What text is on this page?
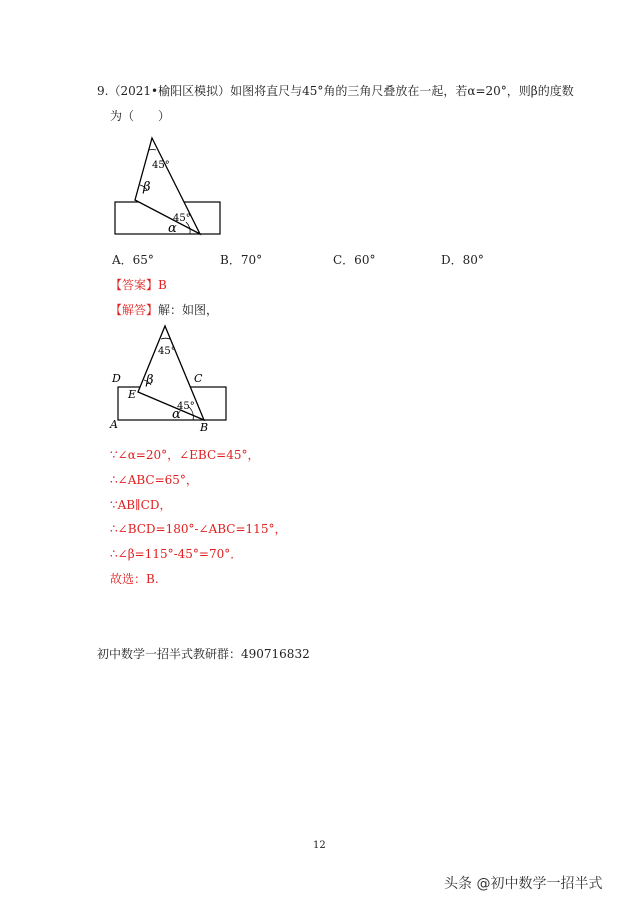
9.（2021•榆阳区模拟）如图将直尺与45°角的三角尺叠放在一起，若α=20°，则β的度数
为（　　）
45°
β
45°
α
A．65°	B．70°	C．60°	D．80°
【答案】B
【解答】解：如图，
45°
β
45°
α
D	C
E
A	B
∵∠α=20°，∠EBC=45°，
∴∠ABC=65°，
∵AB∥CD，
∴∠BCD=180°-∠ABC=115°，
∴∠β=115°-45°=70°．
故选：B.
初中数学一招半式教研群：490716832
12
头条 @初中数学一招半式
